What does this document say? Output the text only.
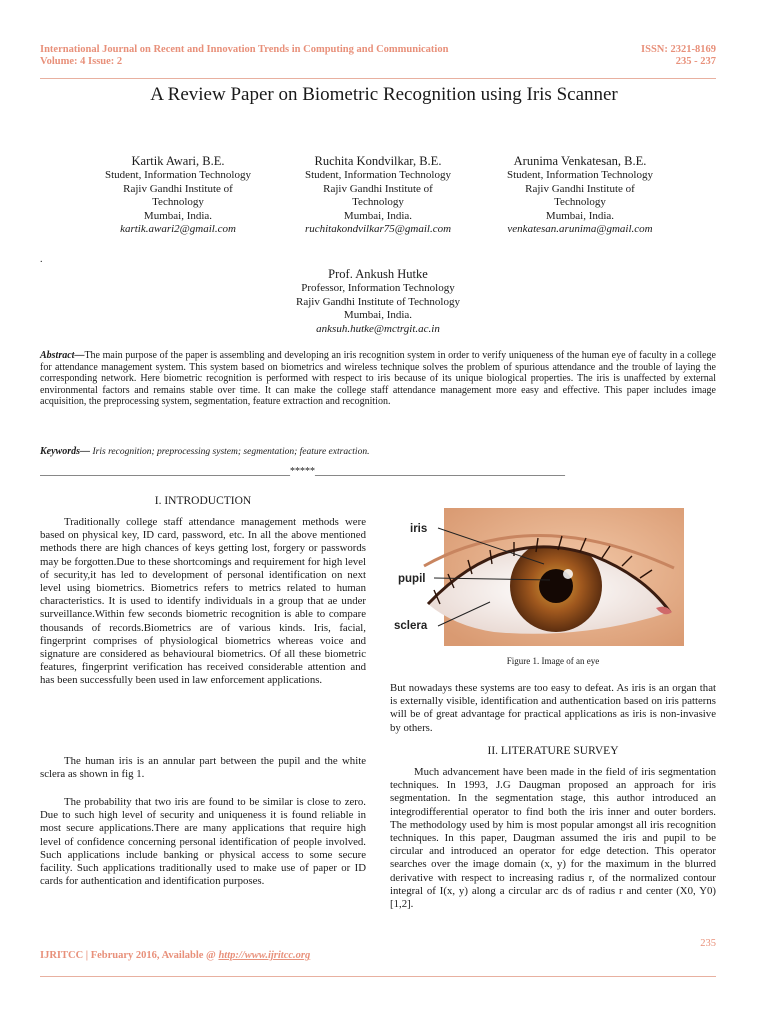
International Journal on Recent and Innovation Trends in Computing and Communication
Volume: 4 Issue: 2
ISSN: 2321-8169
235 - 237
A Review Paper on Biometric Recognition using Iris Scanner
Kartik Awari, B.E.
Student, Information Technology
Rajiv Gandhi Institute of
Technology
Mumbai, India.
kartik.awari2@gmail.com
Ruchita Kondvilkar, B.E.
Student, Information Technology
Rajiv Gandhi Institute of
Technology
Mumbai, India.
ruchitakondvilkar75@gmail.com
Arunima Venkatesan, B.E.
Student, Information Technology
Rajiv Gandhi Institute of
Technology
Mumbai, India.
venkatesan.arunima@gmail.com
.
Prof. Ankush Hutke
Professor, Information Technology
Rajiv Gandhi Institute of Technology
Mumbai, India.
anksuh.hutke@mctrgit.ac.in
Abstract—The main purpose of the paper is assembling and developing an iris recognition system in order to verify uniqueness of the human eye of faculty in a college for attendance management system. This system based on biometrics and wireless technique solves the problem of spurious attendance and the trouble of laying the corresponding network. Here biometric recognition is performed with respect to iris because of its unique biological properties. The iris is unaffected by external environmental factors and remains stable over time. It can make the college staff attendance management more easy and effective. This paper includes image acquisition, the preprocessing system, segmentation, feature extraction and recognition.
Keywords— Iris recognition; preprocessing system; segmentation; feature extraction.
__________________________________________________*****__________________________________________________
I. INTRODUCTION
Traditionally college staff attendance management methods were based on physical key, ID card, password, etc. In all the above mentioned methods there are high chances of keys getting lost, forgery or passwords may be forgotten.Due to these shortcomings and requirement for high level of security,it has led to development of personal identification on next level using biometrics. Biometrics refers to metrics related to human characteristics. It is used to identify individuals in a group that ae under surveillance.Within few seconds biometric recognition is able to compare thousands of records.Biometrics are of various kinds. Iris, facial, fingerprint comprises of physiological biometrics whereas voice and signature are considered as behavioural biometrics. Of all these biometric features, fingerprint verification has received considerable attention and has been successfully been used in law enforcement applications.
The human iris is an annular part between the pupil and the white sclera as shown in fig 1.
The probability that two iris are found to be similar is close to zero. Due to such high level of security and uniqueness it is found reliable in most secure applications.There are many applications that require high level of confidence concerning personal identification of people involved. Such applications include banking or physical access to some secure facility. Such applications traditionally used to make use of paper or ID cards for authentication and identification purposes.
iris
pupil
sclera
Figure 1. Image of an eye
But nowadays these systems are too easy to defeat. As iris is an organ that is externally visible, identification and authentication based on iris patterns will be of great advantage for practical applications as iris is non-invasive by others.
II. LITERATURE SURVEY
Much advancement have been made in the field of iris segmentation techniques. In 1993, J.G Daugman proposed an approach for iris segmentation. In the segmentation stage, this author introduced an integrodifferential operator to find both the iris inner and outer borders. The methodology used by him is most popular amongst all iris recognition techniques. In this paper, Daugman assumed the iris and pupil to be circular and introduced an operator for edge detection. This operator searches over the image domain (x, y) for the maximum in the blurred derivative with respect to increasing radius r, of the normalized contour integral of I(x, y) along a circular arc ds of radius r and center (X0, Y0) [1,2].
235
IJRITCC | February 2016, Available @ http://www.ijritcc.org
